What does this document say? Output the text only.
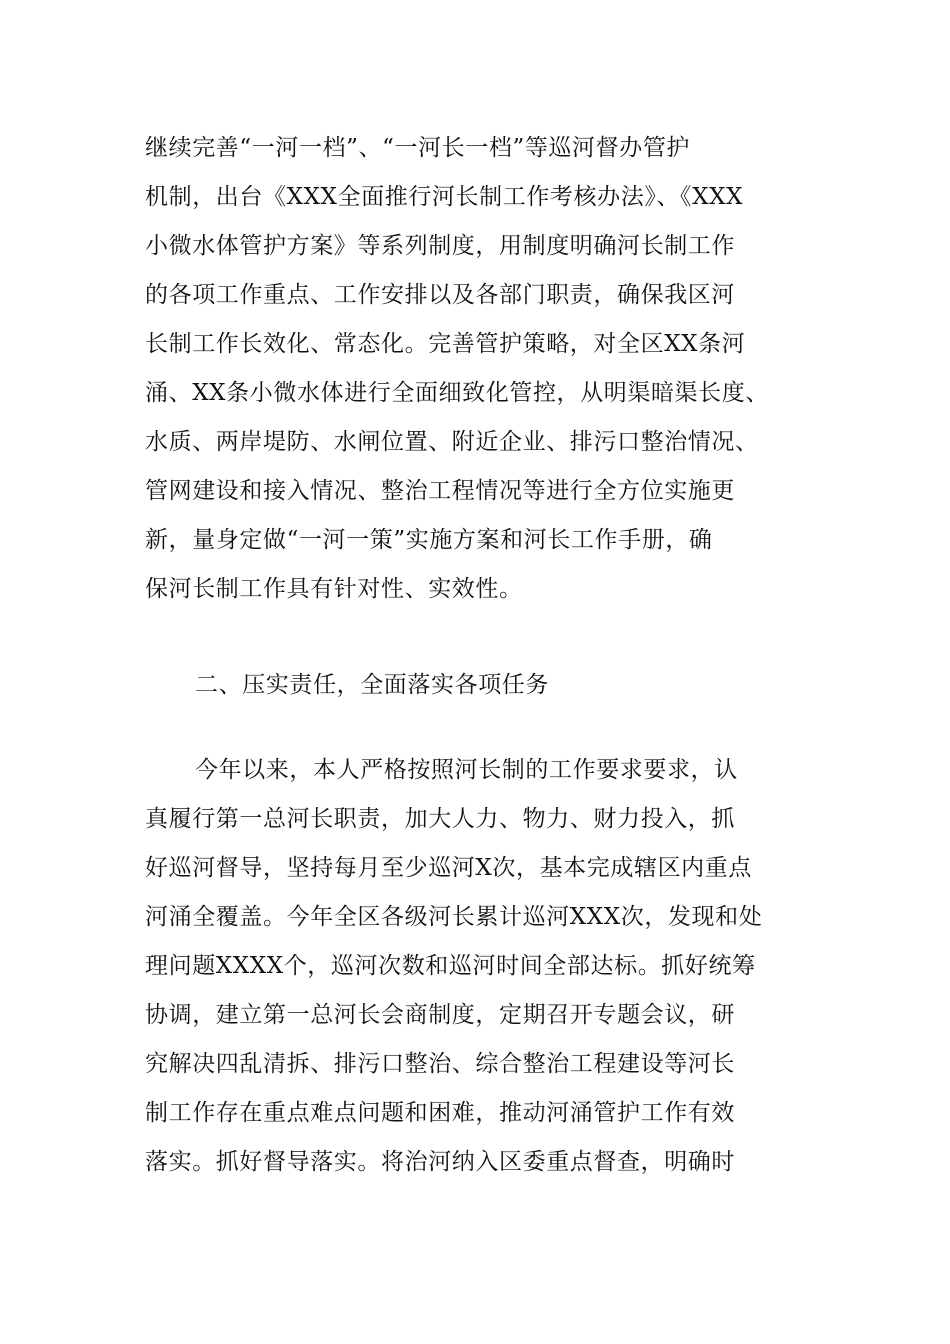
继续完善“一河一档”、“一河长一档”等巡河督办管护
机制，出台《XXX全面推行河长制工作考核办法》、《XXX
小微水体管护方案》等系列制度，用制度明确河长制工作
的各项工作重点、工作安排以及各部门职责，确保我区河
长制工作长效化、常态化。完善管护策略，对全区XX条河
涌、XX条小微水体进行全面细致化管控，从明渠暗渠长度、
水质、两岸堤防、水闸位置、附近企业、排污口整治情况、
管网建设和接入情况、整治工程情况等进行全方位实施更
新，量身定做“一河一策”实施方案和河长工作手册，确
保河长制工作具有针对性、实效性。
二、压实责任，全面落实各项任务
今年以来，本人严格按照河长制的工作要求要求，认
真履行第一总河长职责，加大人力、物力、财力投入，抓
好巡河督导，坚持每月至少巡河X次，基本完成辖区内重点
河涌全覆盖。今年全区各级河长累计巡河XXX次，发现和处
理问题XXXX个，巡河次数和巡河时间全部达标。抓好统筹
协调，建立第一总河长会商制度，定期召开专题会议，研
究解决四乱清拆、排污口整治、综合整治工程建设等河长
制工作存在重点难点问题和困难，推动河涌管护工作有效
落实。抓好督导落实。将治河纳入区委重点督查，明确时
